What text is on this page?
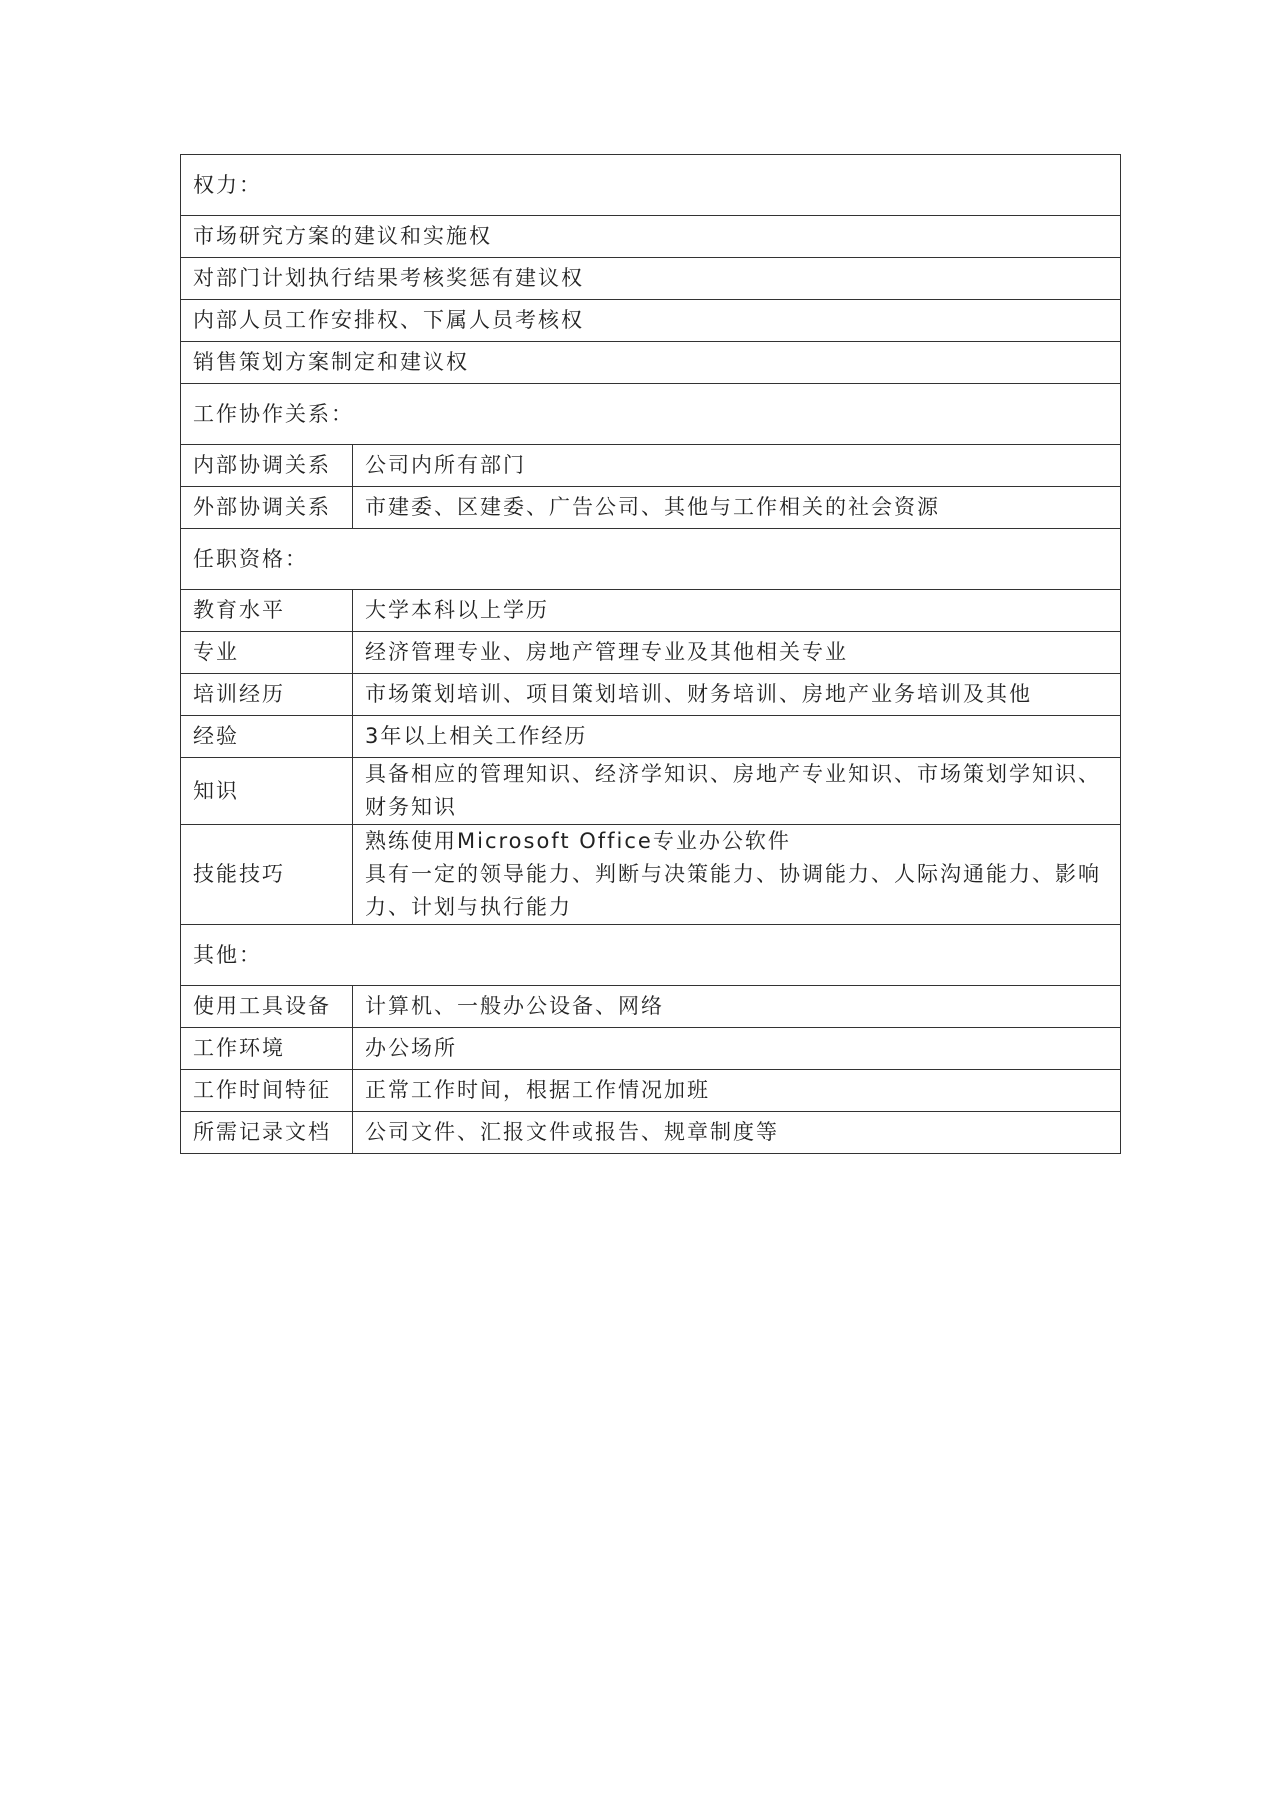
权力：	
市场研究方案的建议和实施权	
对部门计划执行结果考核奖惩有建议权	
内部人员工作安排权、下属人员考核权	
销售策划方案制定和建议权	
工作协作关系：	
内部协调关系	公司内所有部门
外部协调关系	市建委、区建委、广告公司、其他与工作相关的社会资源
任职资格：	
教育水平	大学本科以上学历
专业	经济管理专业、房地产管理专业及其他相关专业
培训经历	市场策划培训、项目策划培训、财务培训、房地产业务培训及其他
经验	3年以上相关工作经历
知识	具备相应的管理知识、经济学知识、房地产专业知识、市场策划学知识、财务知识
技能技巧	熟练使用Microsoft Office专业办公软件
具有一定的领导能力、判断与决策能力、协调能力、人际沟通能力、影响力、计划与执行能力

其他：	
使用工具设备	计算机、一般办公设备、网络
工作环境	办公场所
工作时间特征	正常工作时间，根据工作情况加班
所需记录文档	公司文件、汇报文件或报告、规章制度等
